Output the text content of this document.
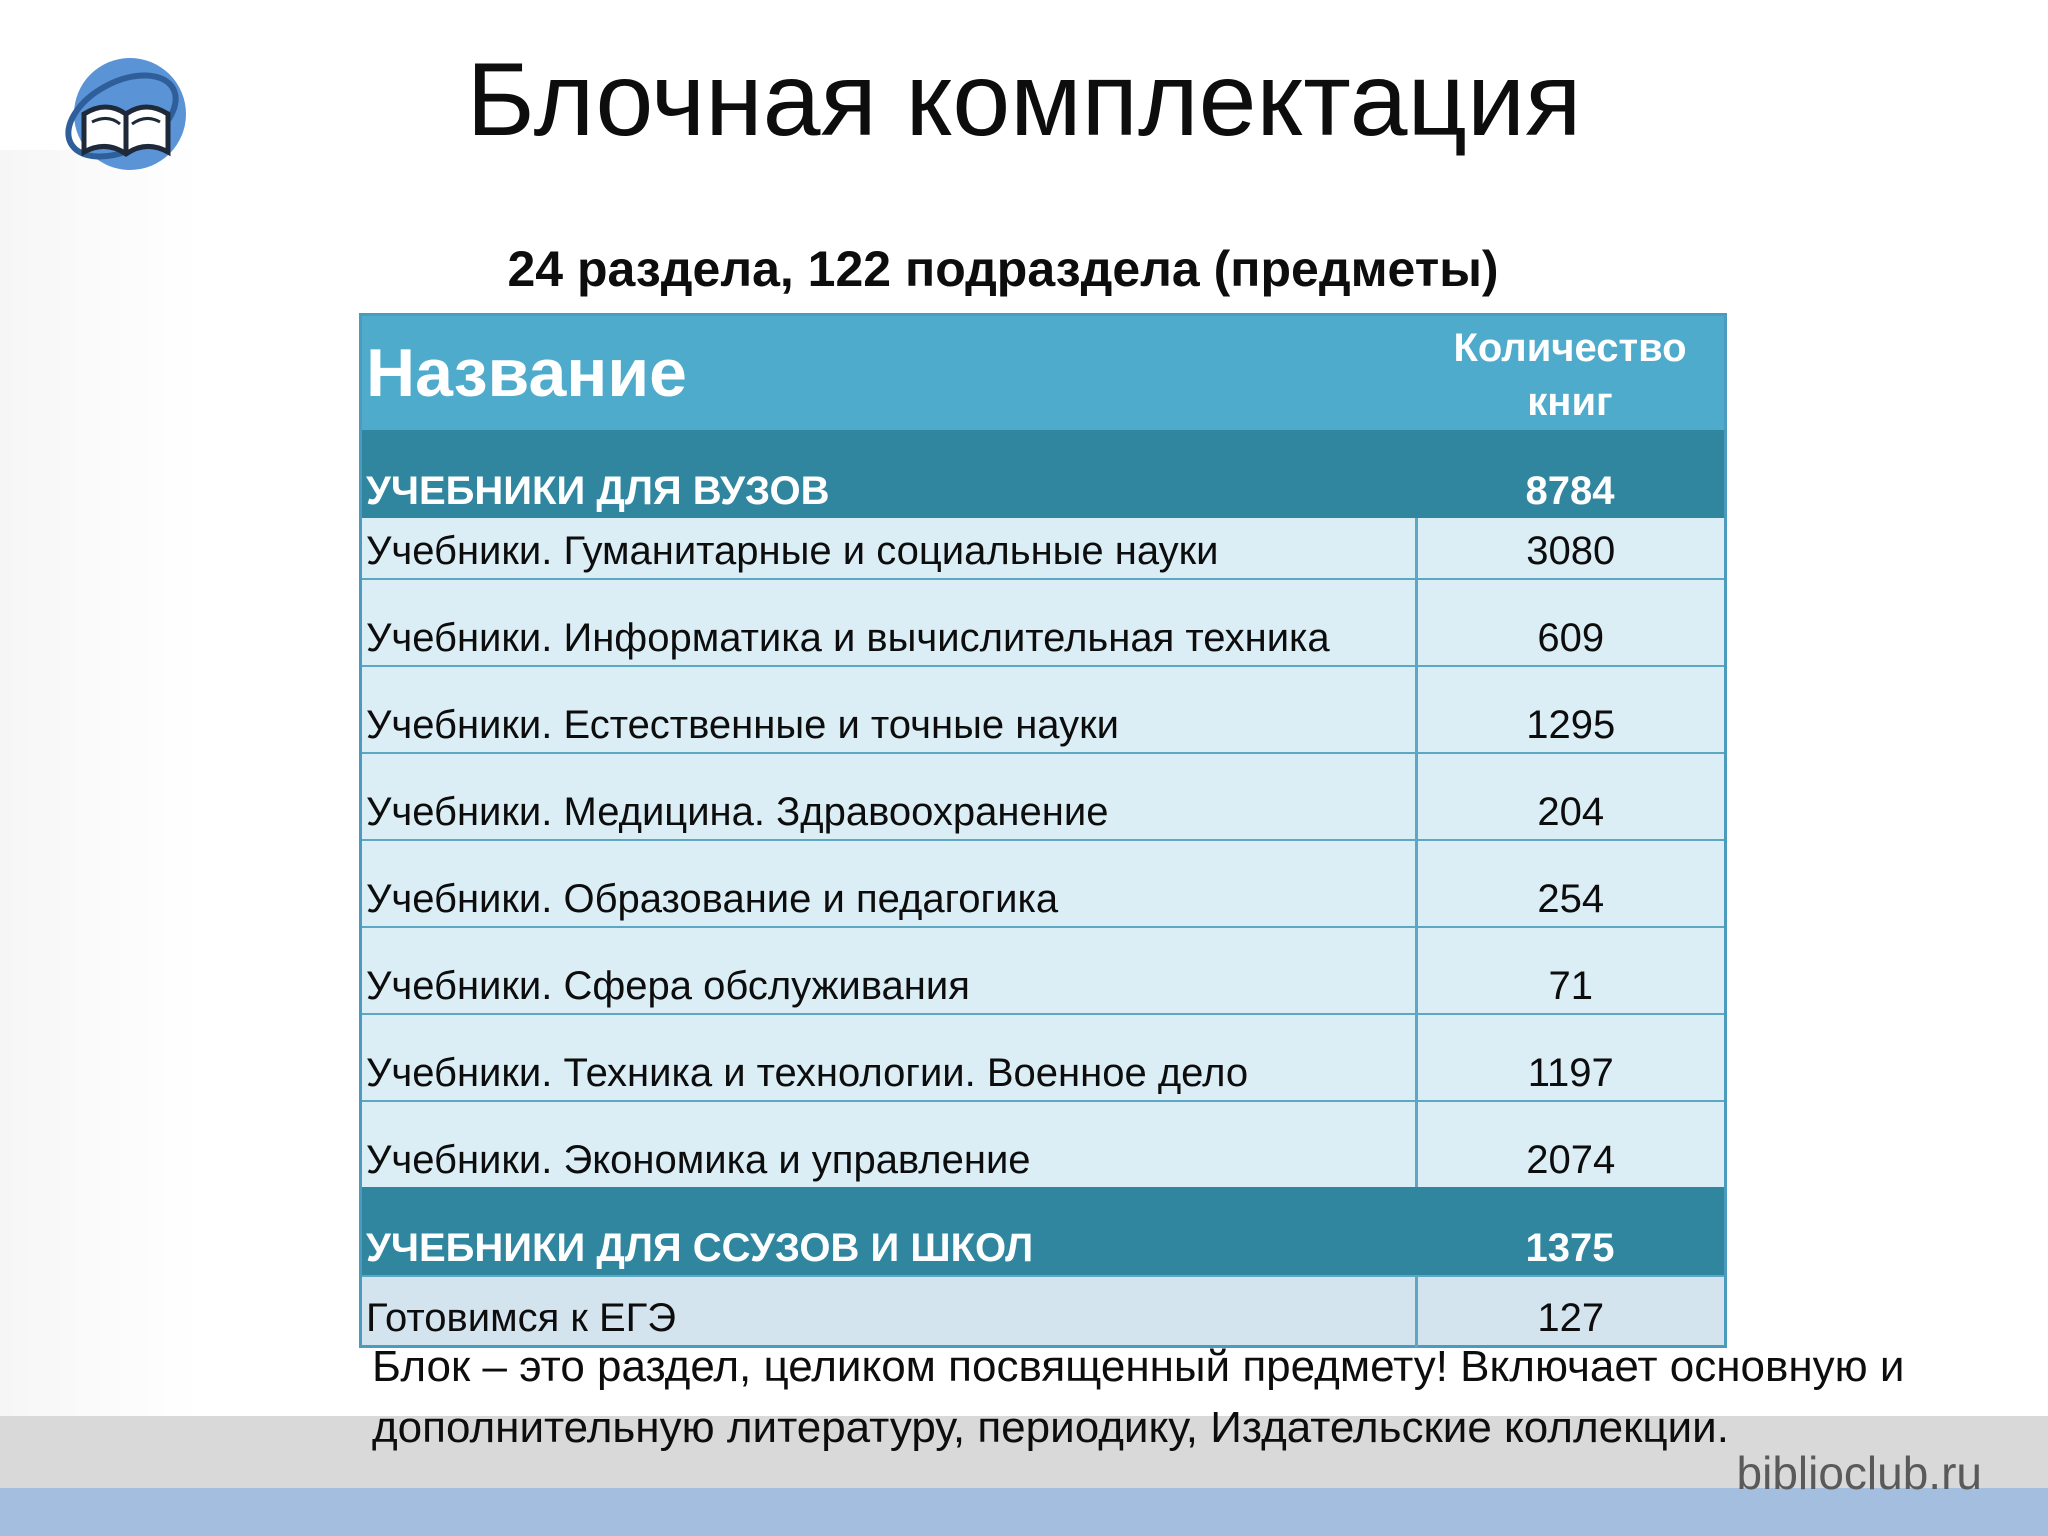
Блочная комплектация
24 раздела, 122 подраздела (предметы)
Название	Количество книг

УЧЕБНИКИ ДЛЯ ВУЗОВ	8784
Учебники. Гуманитарные и социальные науки	3080
Учебники. Информатика и вычислительная техника	609
Учебники. Естественные и точные науки	1295
Учебники. Медицина. Здравоохранение	204
Учебники. Образование и педагогика	254
Учебники. Сфера обслуживания	71
Учебники. Техника и технологии. Военное дело	1197
Учебники. Экономика и управление	2074
УЧЕБНИКИ ДЛЯ ССУЗОВ И ШКОЛ	1375
Готовимся к ЕГЭ	127
Блок – это раздел, целиком посвященный предмету! Включает основную и дополнительную литературу, периодику, Издательские коллекции.
biblioclub.ru
